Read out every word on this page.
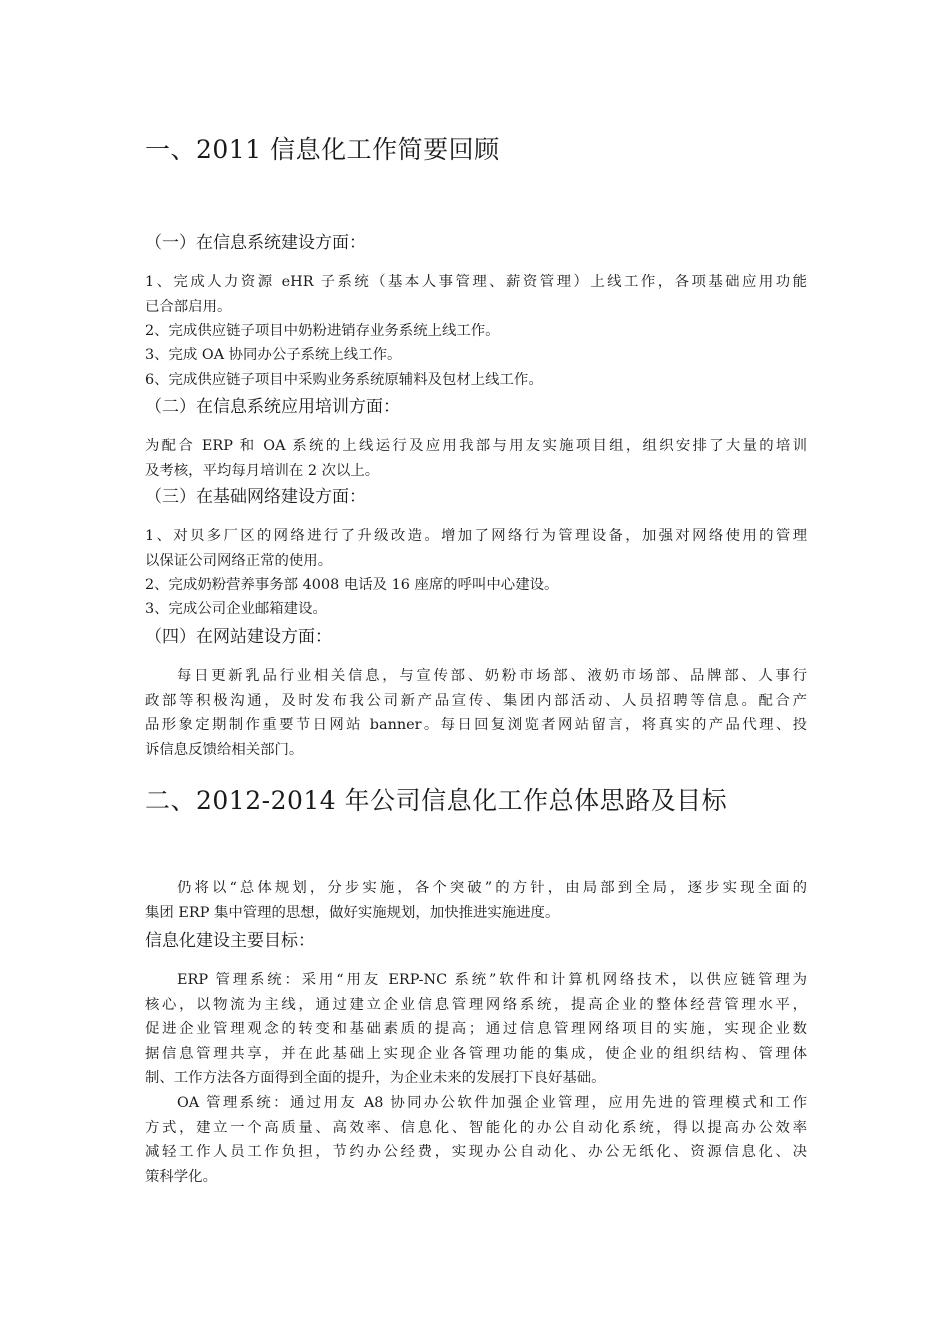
一、2011 信息化工作简要回顾
（一）在信息系统建设方面：
1、完成人力资源 eHR 子系统（基本人事管理、薪资管理）上线工作，各项基础应用功能
已合部启用。
2、完成供应链子项目中奶粉进销存业务系统上线工作。
3、完成 OA 协同办公子系统上线工作。
6、完成供应链子项目中采购业务系统原辅料及包材上线工作。
（二）在信息系统应用培训方面：
为配合 ERP 和 OA 系统的上线运行及应用我部与用友实施项目组，组织安排了大量的培训
及考核，平均每月培训在 2 次以上。
（三）在基础网络建设方面：
1、对贝多厂区的网络进行了升级改造。增加了网络行为管理设备，加强对网络使用的管理
以保证公司网络正常的使用。
2、完成奶粉营养事务部 4008 电话及 16 座席的呼叫中心建设。
3、完成公司企业邮箱建设。
（四）在网站建设方面：
每日更新乳品行业相关信息，与宣传部、奶粉市场部、液奶市场部、品牌部、人事行
政部等积极沟通，及时发布我公司新产品宣传、集团内部活动、人员招聘等信息。配合产
品形象定期制作重要节日网站 banner。每日回复浏览者网站留言，将真实的产品代理、投
诉信息反馈给相关部门。
二、2012-2014 年公司信息化工作总体思路及目标
仍将以“总体规划，分步实施，各个突破”的方针，由局部到全局，逐步实现全面的
集团 ERP 集中管理的思想，做好实施规划，加快推进实施进度。
信息化建设主要目标：
ERP 管理系统：采用“用友 ERP-NC 系统”软件和计算机网络技术，以供应链管理为
核心，以物流为主线，通过建立企业信息管理网络系统，提高企业的整体经营管理水平，
促进企业管理观念的转变和基础素质的提高；通过信息管理网络项目的实施，实现企业数
据信息管理共享，并在此基础上实现企业各管理功能的集成，使企业的组织结构、管理体
制、工作方法各方面得到全面的提升，为企业未来的发展打下良好基础。
OA 管理系统：通过用友 A8 协同办公软件加强企业管理，应用先进的管理模式和工作
方式，建立一个高质量、高效率、信息化、智能化的办公自动化系统，得以提高办公效率
减轻工作人员工作负担，节约办公经费，实现办公自动化、办公无纸化、资源信息化、决
策科学化。
